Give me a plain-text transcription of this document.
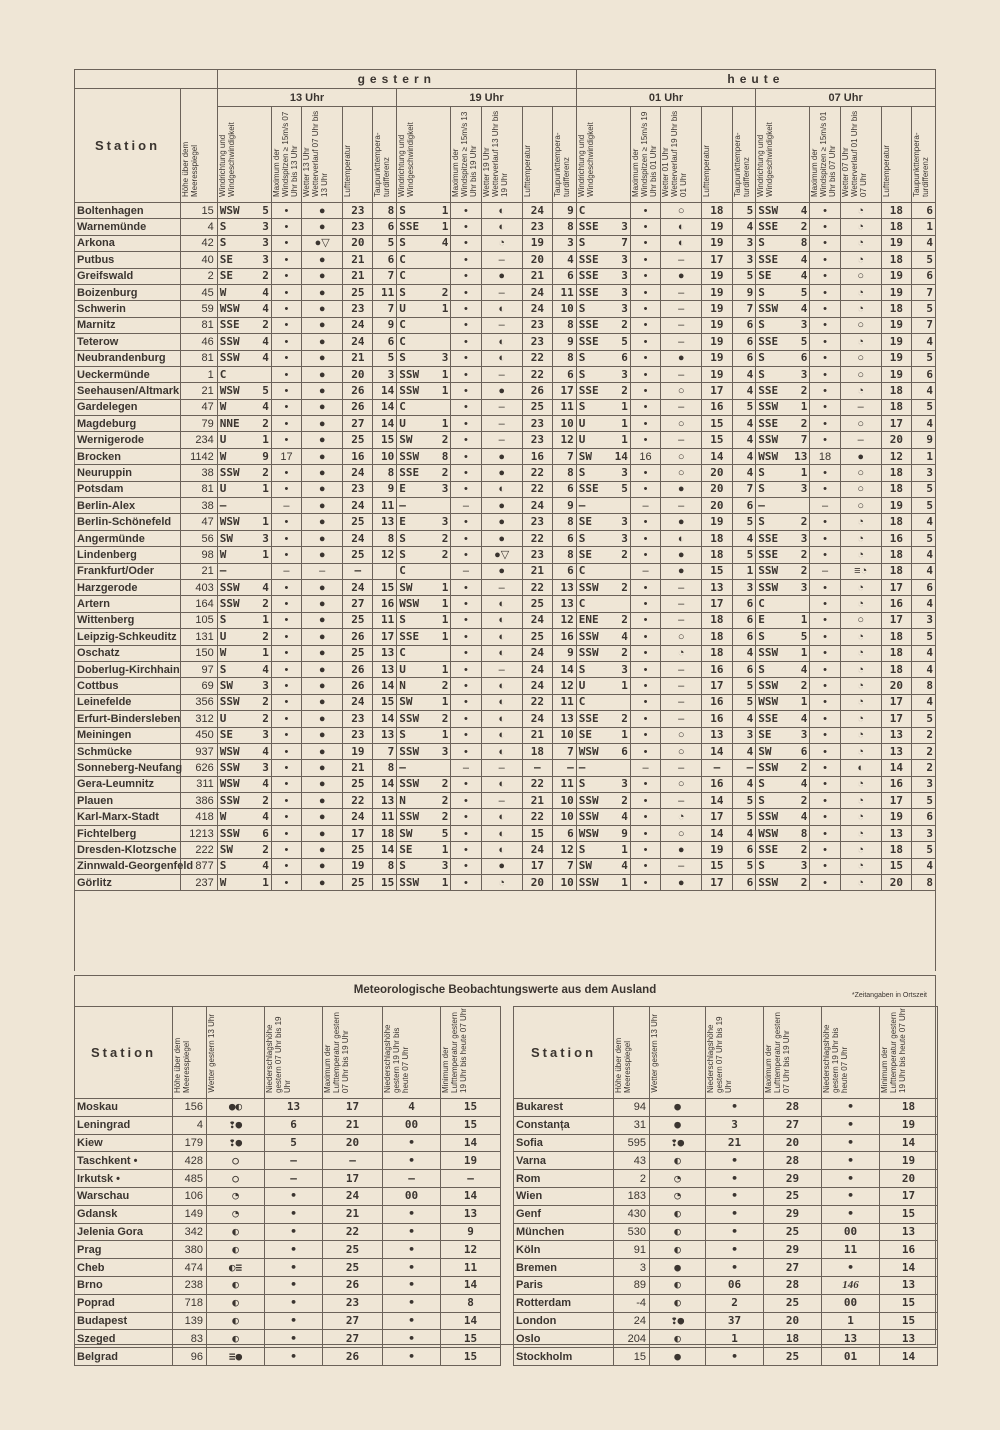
		gestern												heute											
Station	Höhe über dem Meeresspiegel	13 Uhr						19 Uhr						01 Uhr						07 Uhr					
		Windrichtung und Windgeschwindigkeit		Maximum der Windspitzen ≥ 15m/s 07 Uhr bis 13 Uhr	Wetter 13 Uhr Wetterverlauf 07 Uhr bis 13 Uhr	Lufttemperatur	Taupunkttemperaturdifferenz	Windrichtung und Windgeschwindigkeit		Maximum der Windspitzen ≥ 15m/s 13 Uhr bis 19 Uhr	Wetter 19 Uhr Wetterverlauf 13 Uhr bis 19 Uhr	Lufttemperatur	Taupunkttemperaturdifferenz	Windrichtung und Windgeschwindigkeit		Maximum der Windspitzen ≥ 15m/s 19 Uhr bis 01 Uhr	Wetter 01 Uhr Wetterverlauf 19 Uhr bis 01 Uhr	Lufttemperatur	Taupunkttemperaturdifferenz	Windrichtung und Windgeschwindigkeit		Maximum der Windspitzen ≥ 15m/s 01 Uhr bis 07 Uhr	Wetter 07 Uhr Wetterverlauf 01 Uhr bis 07 Uhr	Lufttemperatur	Taupunkttemperaturdifferenz
Boltenhagen	15	WSW	5	•	●	23	8	S	1	•	◐	24	9	C		•	○	18	5	SSW	4	•	◔	18	6
Warnemünde	4	S	3	•	●	23	6	SSE	1	•	◐	23	8	SSE	3	•	◐	19	4	SSE	2	•	◔	18	1
Arkona	42	S	3	•	●▽	20	5	S	4	•	◔	19	3	S	7	•	◐	19	3	S	8	•	◔	19	4
Putbus	40	SE	3	•	●	21	6	C		•	–	20	4	SSE	3	•	–	17	3	SSE	4	•	◔	18	5
Greifswald	2	SE	2	•	●	21	7	C		•	●	21	6	SSE	3	•	●	19	5	SE	4	•	○	19	6
Boizenburg	45	W	4	•	●	25	11	S	2	•	–	24	11	SSE	3	•	–	19	9	S	5	•	◔	19	7
Schwerin	59	WSW	4	•	●	23	7	U	1	•	◐	24	10	S	3	•	–	19	7	SSW	4	•	◔	18	5
Marnitz	81	SSE	2	•	●	24	9	C		•	–	23	8	SSE	2	•	–	19	6	S	3	•	○	19	7
Teterow	46	SSW	4	•	●	24	6	C		•	◐	23	9	SSE	5	•	–	19	6	SSE	5	•	◔	19	4
Neubrandenburg	81	SSW	4	•	●	21	5	S	3	•	◐	22	8	S	6	•	●	19	6	S	6	•	○	19	5
Ueckermünde	1	C		•	●	20	3	SSW	1	•	–	22	6	S	3	•	–	19	4	S	3	•	○	19	6
Seehausen/Altmark	21	WSW	5	•	●	26	14	SSW	1	•	●	26	17	SSE	2	•	○	17	4	SSE	2	•	◔	18	4
Gardelegen	47	W	4	•	●	26	14	C		•	–	25	11	S	1	•	–	16	5	SSW	1	•	–	18	5
Magdeburg	79	NNE	2	•	●	27	14	U	1	•	–	23	10	U	1	•	○	15	4	SSE	2	•	○	17	4
Wernigerode	234	U	1	•	●	25	15	SW	2	•	–	23	12	U	1	•	–	15	4	SSW	7	•	–	20	9
Brocken	1142	W	9	17	●	16	10	SSW	8	•	●	16	7	SW	14	16	○	14	4	WSW	13	18	●	12	1
Neuruppin	38	SSW	2	•	●	24	8	SSE	2	•	●	22	8	S	3	•	○	20	4	S	1	•	○	18	3
Potsdam	81	U	1	•	●	23	9	E	3	•	◐	22	6	SSE	5	•	●	20	7	S	3	•	○	18	5
Berlin-Alex	38	–		–	●	24	11	–		–	●	24	9	–		–	–	20	6	–		–	○	19	5
Berlin-Schönefeld	47	WSW	1	•	●	25	13	E	3	•	●	23	8	SE	3	•	●	19	5	S	2	•	◔	18	4
Angermünde	56	SW	3	•	●	24	8	S	2	•	●	22	6	S	3	•	◐	18	4	SSE	3	•	◔	16	5
Lindenberg	98	W	1	•	●	25	12	S	2	•	●▽	23	8	SE	2	•	●	18	5	SSE	2	•	◔	18	4
Frankfurt/Oder	21	–		–	–	–		C		–	●	21	6	C		–	●	15	1	SSW	2	–	≡◔	18	4
Harzgerode	403	SSW	4	•	●	24	15	SW	1	•	–	22	13	SSW	2	•	–	13	3	SSW	3	•	◔	17	6
Artern	164	SSW	2	•	●	27	16	WSW	1	•	◐	25	13	C		•	–	17	6	C		•	◔	16	4
Wittenberg	105	S	1	•	●	25	11	S	1	•	◐	24	12	ENE	2	•	–	18	6	E	1	•	○	17	3
Leipzig-Schkeuditz	131	U	2	•	●	26	17	SSE	1	•	◐	25	16	SSW	4	•	○	18	6	S	5	•	◔	18	5
Oschatz	150	W	1	•	●	25	13	C		•	◐	24	9	SSW	2	•	◔	18	4	SSW	1	•	◔	18	4
Doberlug-Kirchhain	97	S	4	•	●	26	13	U	1	•	–	24	14	S	3	•	–	16	6	S	4	•	◔	18	4
Cottbus	69	SW	3	•	●	26	14	N	2	•	◐	24	12	U	1	•	–	17	5	SSW	2	•	◔	20	8
Leinefelde	356	SSW	2	•	●	24	15	SW	1	•	◐	22	11	C		•	–	16	5	WSW	1	•	◔	17	4
Erfurt-Bindersleben	312	U	2	•	●	23	14	SSW	2	•	◐	24	13	SSE	2	•	–	16	4	SSE	4	•	◔	17	5
Meiningen	450	SE	3	•	●	23	13	S	1	•	◐	21	10	SE	1	•	○	13	3	SE	3	•	◔	13	2
Schmücke	937	WSW	4	•	●	19	7	SSW	3	•	◐	18	7	WSW	6	•	○	14	4	SW	6	•	◔	13	2
Sonneberg-Neufang	626	SSW	3	•	●	21	8	–		–	–	–	–	–		–	–	–	–	SSW	2	•	◐	14	2
Gera-Leumnitz	311	WSW	4	•	●	25	14	SSW	2	•	◐	22	11	S	3	•	○	16	4	S	4	•	◔	16	3
Plauen	386	SSW	2	•	●	22	13	N	2	•	–	21	10	SSW	2	•	–	14	5	S	2	•	◔	17	5
Karl-Marx-Stadt	418	W	4	•	●	24	11	SSW	2	•	◐	22	10	SSW	4	•	◔	17	5	SSW	4	•	◔	19	6
Fichtelberg	1213	SSW	6	•	●	17	18	SW	5	•	◐	15	6	WSW	9	•	○	14	4	WSW	8	•	◔	13	3
Dresden-Klotzsche	222	SW	2	•	●	25	14	SE	1	•	◐	24	12	S	1	•	●	19	6	SSE	2	•	◔	18	5
Zinnwald-Georgenfeld	877	S	4	•	●	19	8	S	3	•	●	17	7	SW	4	•	–	15	5	S	3	•	◔	15	4
Görlitz	237	W	1	•	●	25	15	SSW	1	•	◔	20	10	SSW	1	•	●	17	6	SSW	2	•	◔	20	8

Meteorologische Beobachtungswerte aus dem Ausland	*Zeitangaben in Ortszeit
Station	Höhe über dem Meeresspiegel	Wetter gestern 13 Uhr	Niederschlagshöhe gestern 07 Uhr bis 19 Uhr	Maximum der Lufttemperatur gestern 07 Uhr bis 19 Uhr	Niederschlagshöhe gestern 19 Uhr bis heute 07 Uhr	Minimum der Lufttemperatur gestern 19 Uhr bis heute 07 Uhr
Moskau	156	●◐	13	17	4	15
Leningrad	4	❢●	6	21	00	15
Kiew	179	❢●	5	20	•	14
Taschkent •	428	○	–	–	•	19
Irkutsk •	485	○	–	17	–	–
Warschau	106	◔	•	24	00	14
Gdansk	149	◔	•	21	•	13
Jelenia Gora	342	◐	•	22	•	9
Prag	380	◐	•	25	•	12
Cheb	474	◐≡	•	25	•	11
Brno	238	◐	•	26	•	14
Poprad	718	◐	•	23	•	8
Budapest	139	◐	•	27	•	14
Szeged	83	◐	•	27	•	15
Belgrad	96	≡●	•	26	•	15
Station	Höhe über dem Meeresspiegel	Wetter gestern 13 Uhr	Niederschlagshöhe gestern 07 Uhr bis 19 Uhr	Maximum der Lufttemperatur gestern 07 Uhr bis 19 Uhr	Niederschlagshöhe gestern 19 Uhr bis heute 07 Uhr	Minimum der Lufttemperatur gestern 19 Uhr bis heute 07 Uhr
Bukarest	94	●	•	28	•	18
Constanța	31	●	3	27	•	19
Sofia	595	❢●	21	20	•	14
Varna	43	◐	•	28	•	19
Rom	2	◔	•	29	•	20
Wien	183	◔	•	25	•	17
Genf	430	◐	•	29	•	15
München	530	◐	•	25	00	13
Köln	91	◐	•	29	11	16
Bremen	3	●	•	27	•	14
Paris	89	◐	06	28	146	13
Rotterdam	-4	◐	2	25	00	15
London	24	❢●	37	20	1	15
Oslo	204	◐	1	18	13	13
Stockholm	15	●	•	25	01	14
